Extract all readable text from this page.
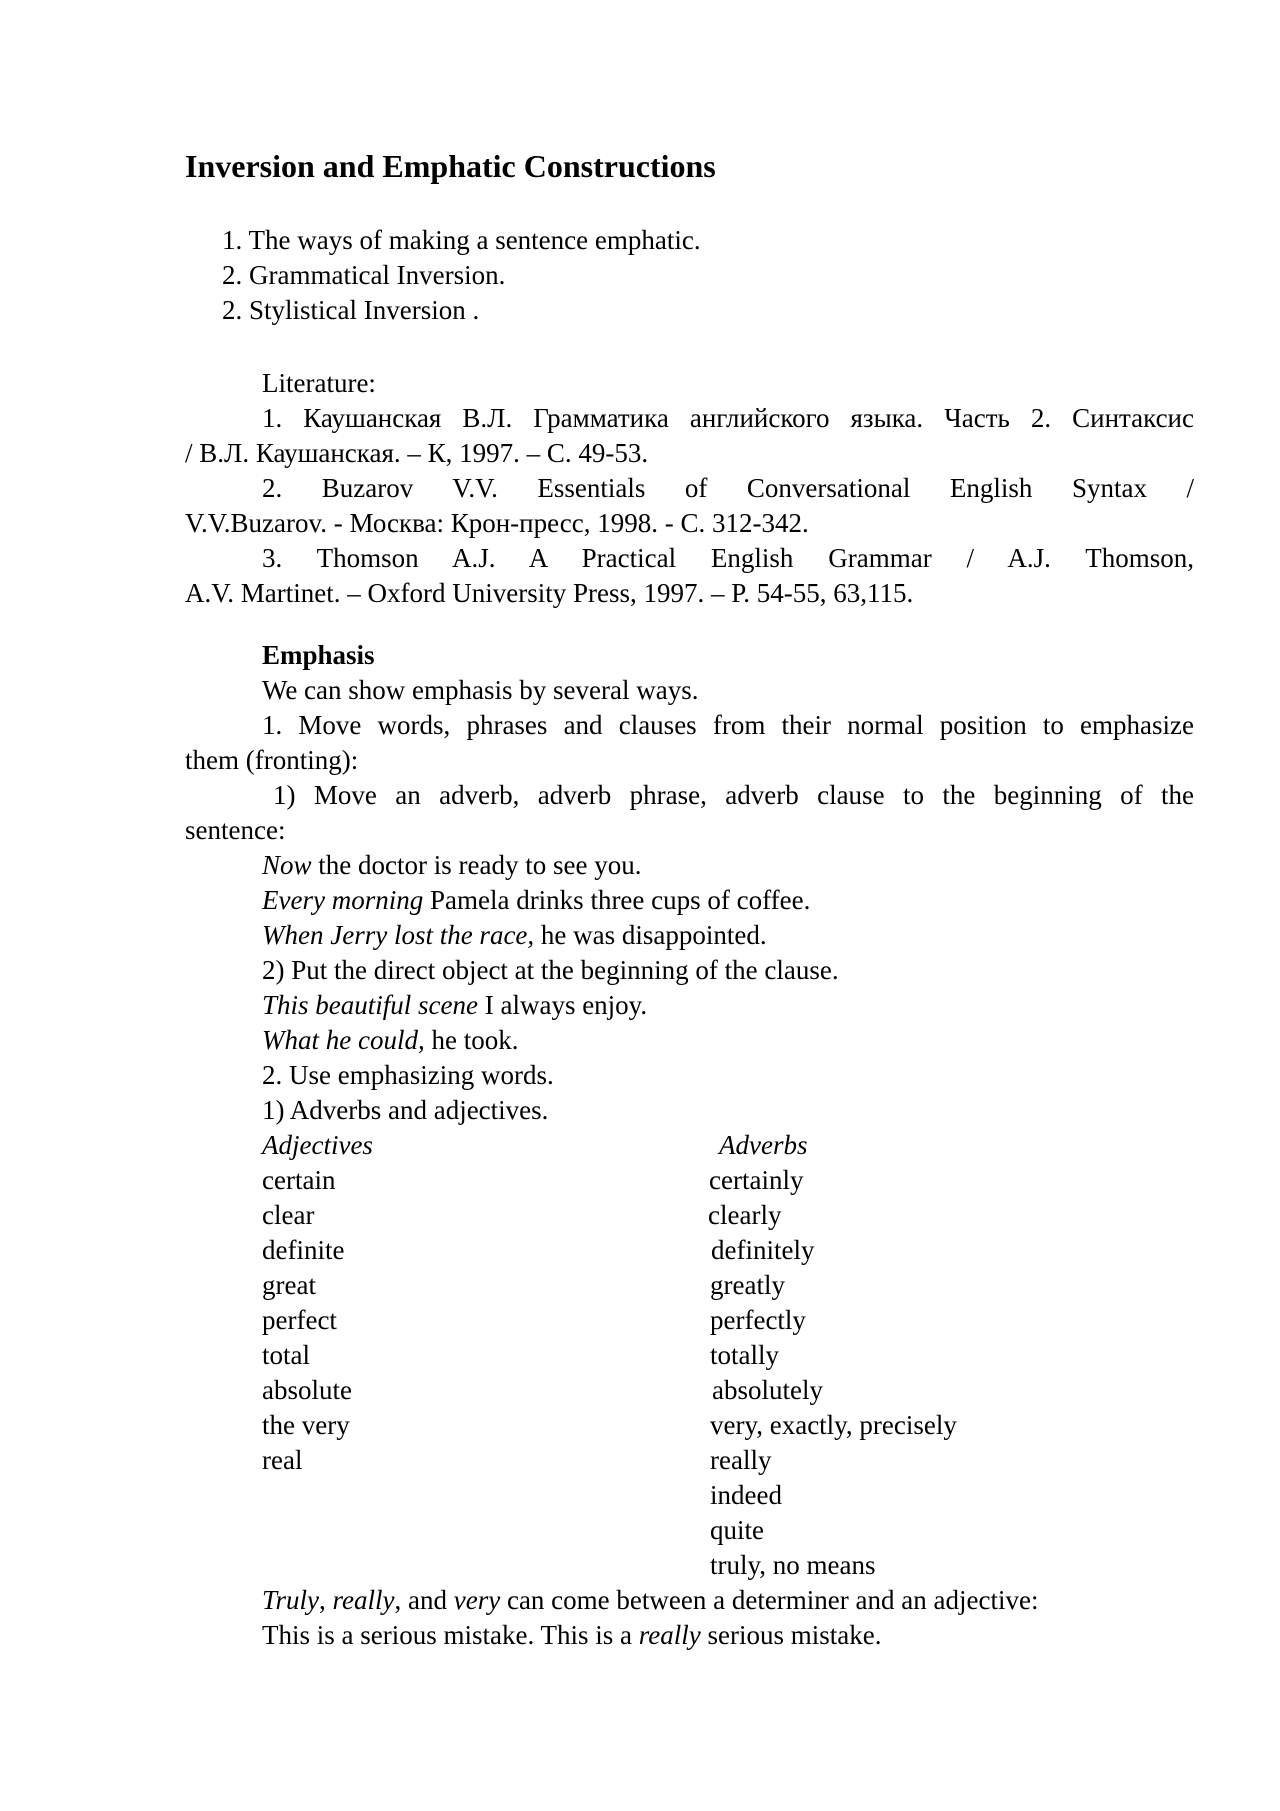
Inversion and Emphatic Constructions
1. The ways of making a sentence emphatic.
2. Grammatical Inversion.
2. Stylistical Inversion .
Literature:
1. Каушанская В.Л. Грамматика английского языка. Часть 2. Синтаксис
/ В.Л. Каушанская. – К, 1997. – С. 49-53.
2. Buzarov V.V. Essentials of Conversational English Syntax /
V.V.Buzarov. - Москва: Крон-пресс, 1998. - С. 312-342.
3. Thomson A.J. A Practical English Grammar / A.J. Thomson,
A.V. Martinet. – Oxford University Press, 1997. – P. 54-55, 63,115.
Emphasis
We can show emphasis by several ways.
1. Move words, phrases and clauses from their normal position to emphasize
them (fronting):
1) Move an adverb, adverb phrase, adverb clause to the beginning of the
sentence:
Now the doctor is ready to see you.
Every morning Pamela drinks three cups of coffee.
When Jerry lost the race, he was disappointed.
2) Put the direct object at the beginning of the clause.
This beautiful scene I always enjoy.
What he could, he took.
2. Use emphasizing words.
1) Adverbs and adjectives.
Adjectives	Adverbs
certain
clear
definite
great
perfect
total
absolute
the very
real
certainly
clearly
definitely
greatly
perfectly
totally
absolutely
very, exactly, precisely
really
indeed
quite
truly, no means
Truly, really, and very can come between a determiner and an adjective:
This is a serious mistake. This is a really serious mistake.
